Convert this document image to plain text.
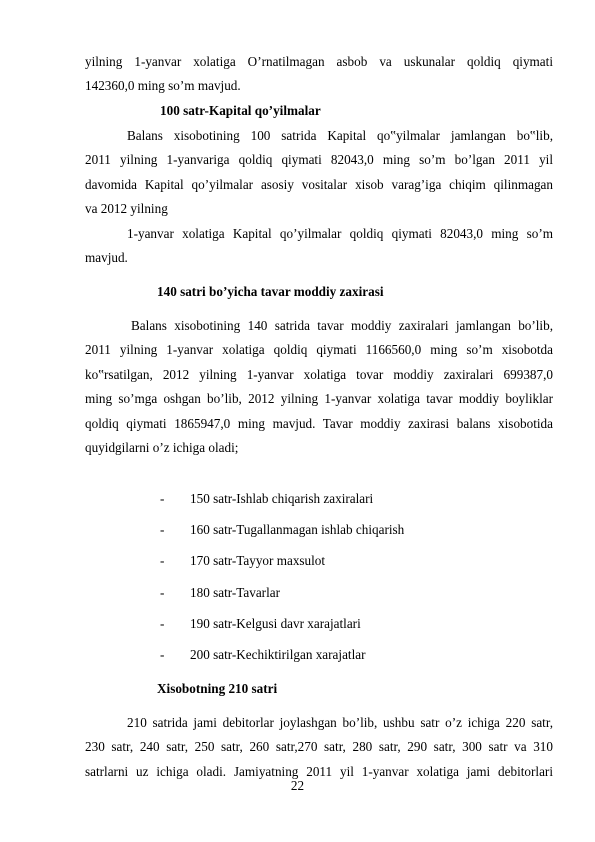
yilning 1-yanvar xolatiga O’rnatilmagan asbob va uskunalar qoldiq qiymati
142360,0 ming so’m mavjud.
100 satr-Kapital qo’yilmalar
Balans xisobotining 100 satrida Kapital qo‟yilmalar jamlangan bo‟lib,
2011 yilning 1-yanvariga qoldiq qiymati 82043,0 ming so’m bo’lgan 2011 yil
davomida Kapital qo’yilmalar asosiy vositalar xisob varag’iga chiqim qilinmagan
va 2012 yilning
1-yanvar xolatiga Kapital qo’yilmalar qoldiq qiymati 82043,0 ming so’m
mavjud.
140 satri bo’yicha tavar moddiy zaxirasi
Balans xisobotining 140 satrida tavar moddiy zaxiralari jamlangan bo’lib,
2011 yilning 1-yanvar xolatiga qoldiq qiymati 1166560,0 ming so’m xisobotda
ko‟rsatilgan, 2012 yilning 1-yanvar xolatiga tovar moddiy zaxiralari 699387,0
ming so’mga oshgan bo’lib, 2012 yilning 1-yanvar xolatiga tavar moddiy boyliklar
qoldiq qiymati 1865947,0 ming mavjud. Tavar moddiy zaxirasi balans xisobotida
quyidgilarni o’z ichiga oladi;
-	150 satr-Ishlab chiqarish zaxiralari
-	160 satr-Tugallanmagan ishlab chiqarish
-	170 satr-Tayyor maxsulot
-	180 satr-Tavarlar
-	190 satr-Kelgusi davr xarajatlari
-	200 satr-Kechiktirilgan xarajatlar
Xisobotning 210 satri
210 satrida jami debitorlar joylashgan bo’lib, ushbu satr o’z ichiga 220 satr,
230 satr, 240 satr, 250 satr, 260 satr,270 satr, 280 satr, 290 satr, 300 satr va 310
satrlarni uz ichiga oladi. Jamiyatning 2011 yil 1-yanvar xolatiga jami debitorlari
22
